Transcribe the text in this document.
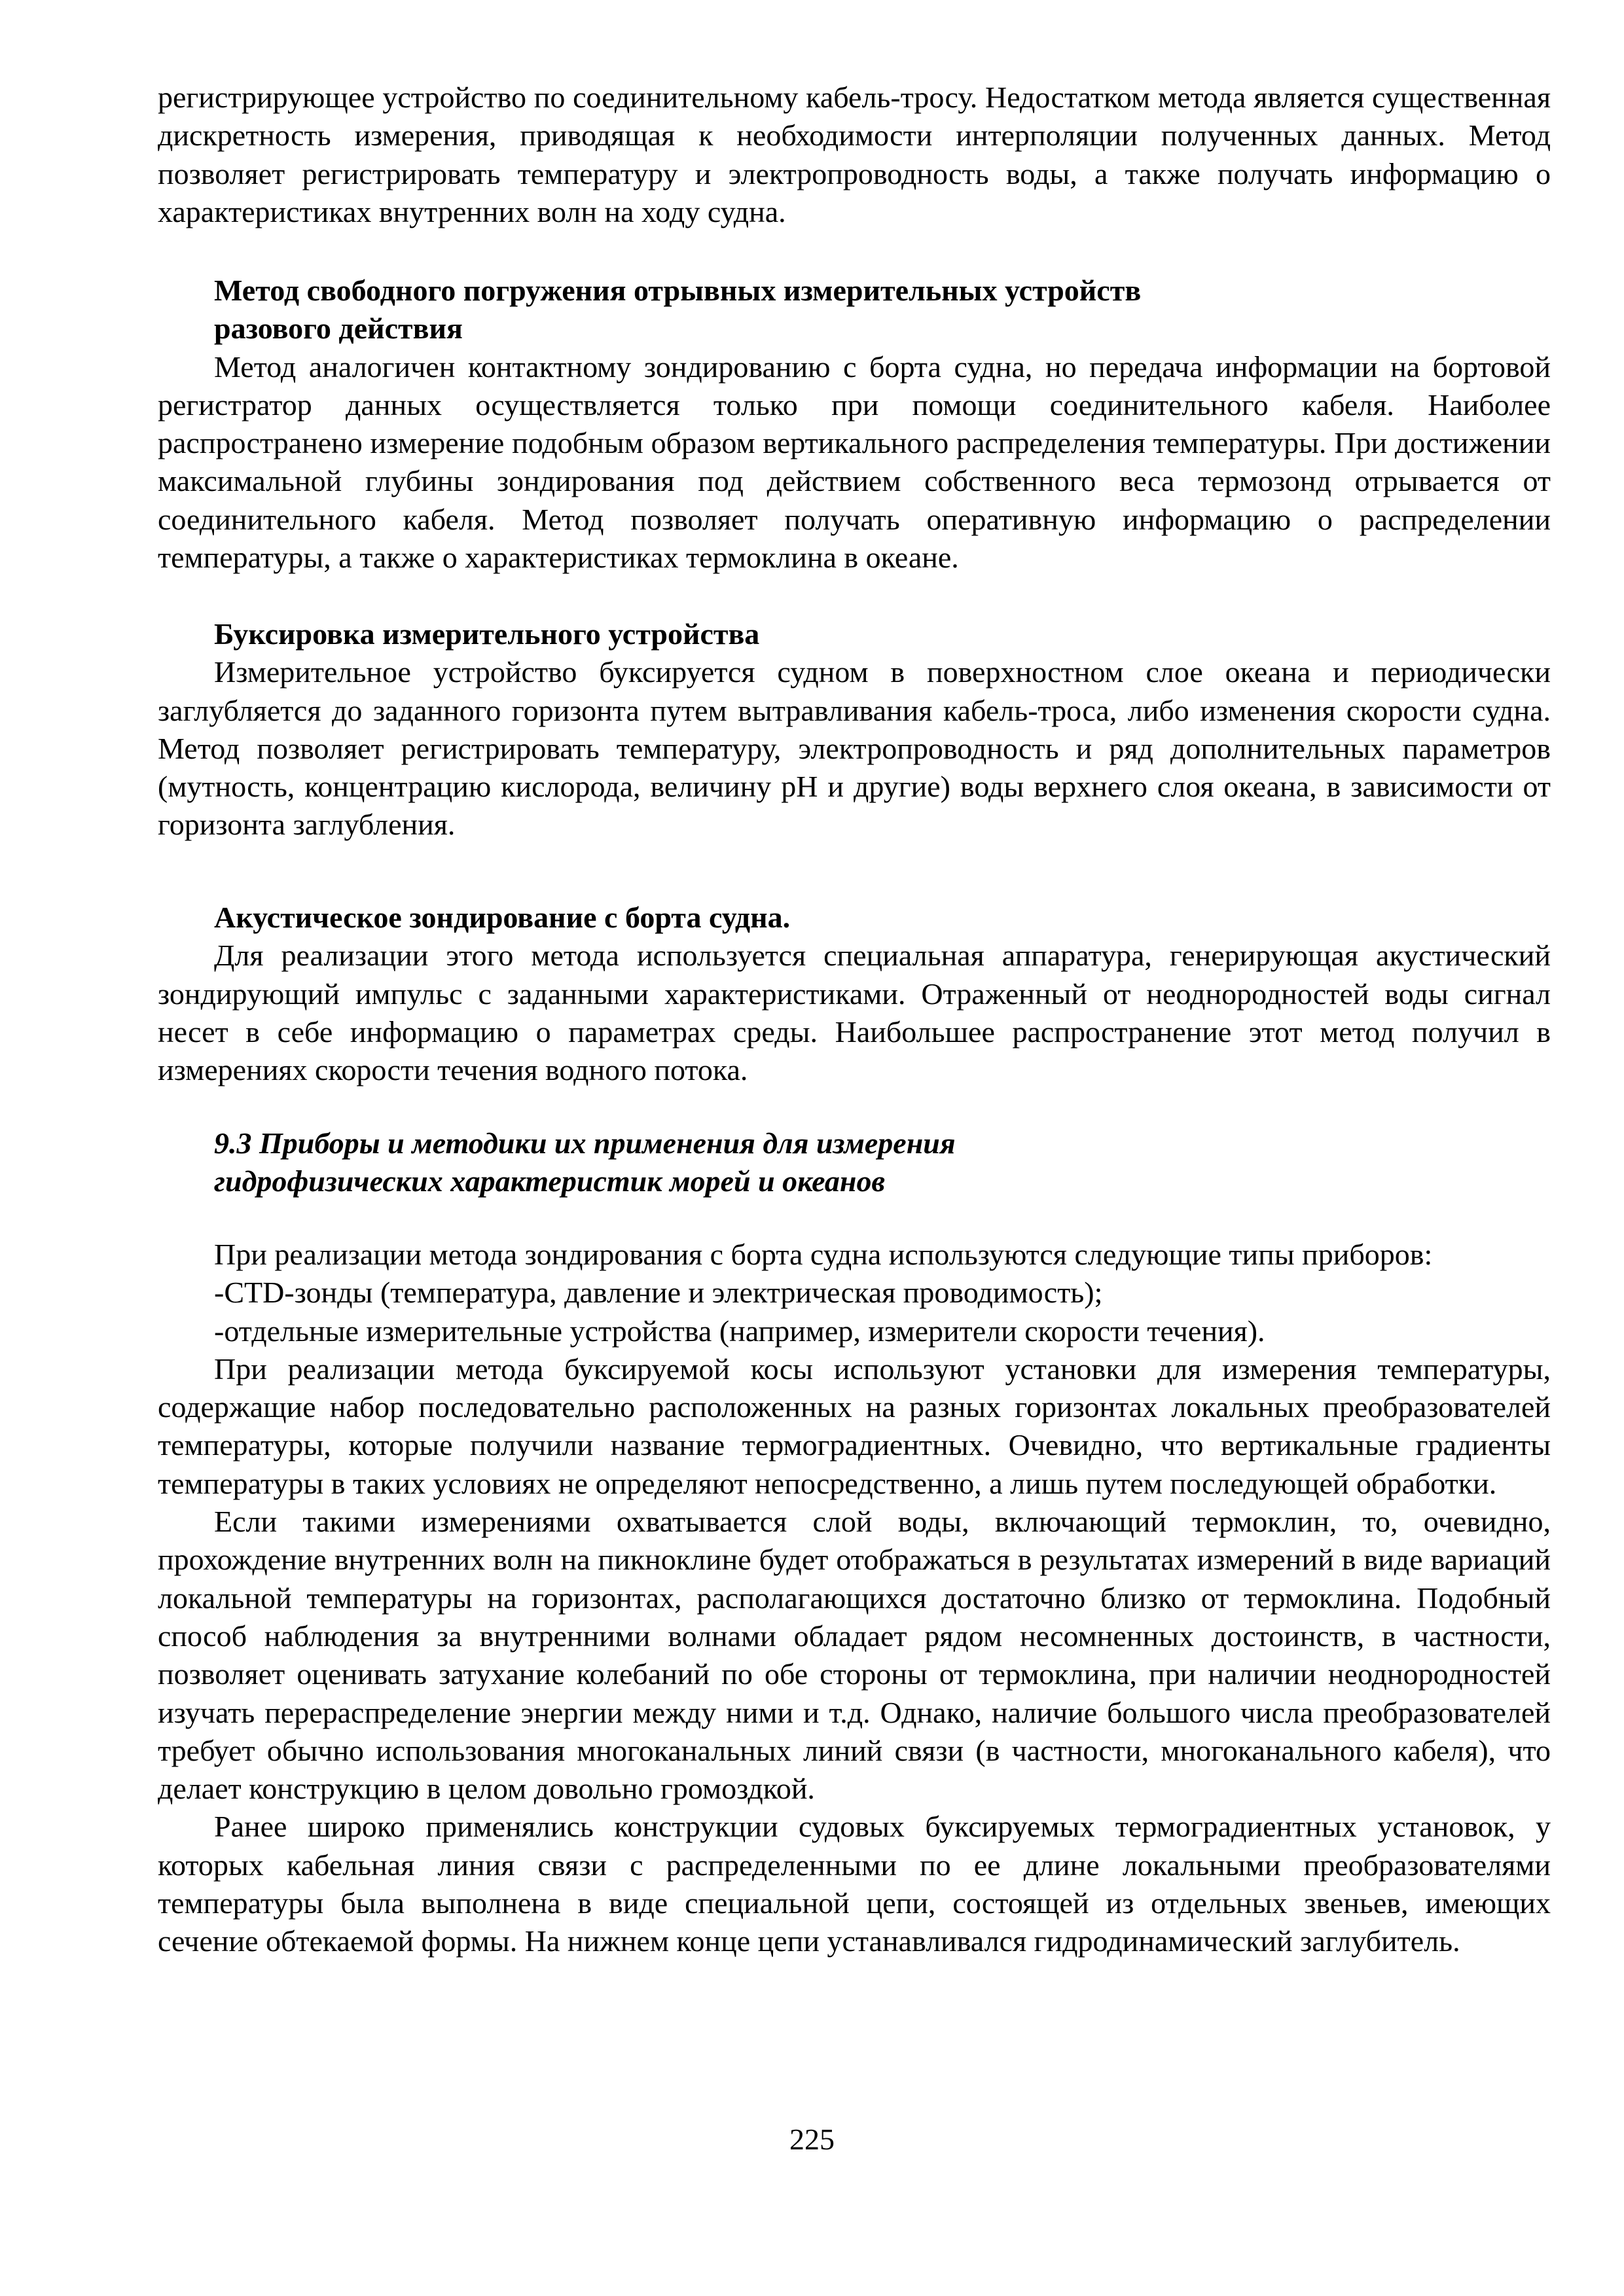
регистрирующее устройство по соединительному кабель-тросу. Недостатком метода является существенная дискретность измерения, приводящая к необходимости интерполяции полученных данных. Метод позволяет регистрировать температуру и электропроводность воды, а также получать информацию о характеристиках внутренних волн на ходу судна.

Метод свободного погружения отрывных измерительных устройств
разового действия

Метод аналогичен контактному зондированию с борта судна, но передача информации на бортовой регистратор данных осуществляется только при помощи соединительного кабеля. Наиболее распространено измерение подобным образом вертикального распределения температуры. При достижении максимальной глубины зондирования под действием собственного веса термозонд отрывается от соединительного кабеля. Метод позволяет получать оперативную информацию о распределении температуры, а также о характеристиках термоклина в океане.

Буксировка измерительного устройства

Измерительное устройство буксируется судном в поверхностном слое океана и периодически заглубляется до заданного горизонта путем вытравливания кабель-троса, либо изменения скорости судна. Метод позволяет регистрировать температуру, электропроводность и ряд дополнительных параметров (мутность, концентрацию кислорода, величину pH и другие) воды верхнего слоя океана, в зависимости от горизонта заглубления.

Акустическое зондирование с борта судна.

Для реализации этого метода используется специальная аппаратура, генерирующая акустический зондирующий импульс с заданными характеристиками. Отраженный от неоднородностей воды сигнал несет в себе информацию о параметрах среды. Наибольшее распространение этот метод получил в измерениях скорости течения водного потока.

9.3 Приборы и методики их применения для измерения
гидрофизических характеристик морей и океанов

При реализации метода зондирования с борта судна используются следующие типы приборов:

-CTD-зонды (температура, давление и электрическая проводимость);

-отдельные измерительные устройства (например, измерители скорости течения).

При реализации метода буксируемой косы используют установки для измерения температуры, содержащие набор последовательно расположенных на разных горизонтах локальных преобразователей температуры, которые получили название термоградиентных. Очевидно, что вертикальные градиенты температуры в таких условиях не определяют непосредственно, а лишь путем последующей обработки.

Если такими измерениями охватывается слой воды, включающий термоклин, то, очевидно, прохождение внутренних волн на пикноклине будет отображаться в результатах измерений в виде вариаций локальной температуры на горизонтах, располагающихся достаточно близко от термоклина. Подобный способ наблюдения за внутренними волнами обладает рядом несомненных достоинств, в частности, позволяет оценивать затухание колебаний по обе стороны от термоклина, при наличии неоднородностей изучать перераспределение энергии между ними и т.д. Однако, наличие большого числа преобразователей требует обычно использования многоканальных линий связи (в частности, многоканального кабеля), что делает конструкцию в целом довольно громоздкой.

Ранее широко применялись конструкции судовых буксируемых термоградиентных установок, у которых кабельная линия связи с распределенными по ее длине локальными преобразователями температуры была выполнена в виде специальной цепи, состоящей из отдельных звеньев, имеющих сечение обтекаемой формы. На нижнем конце цепи устанавливался гидродинамический заглубитель.

225
